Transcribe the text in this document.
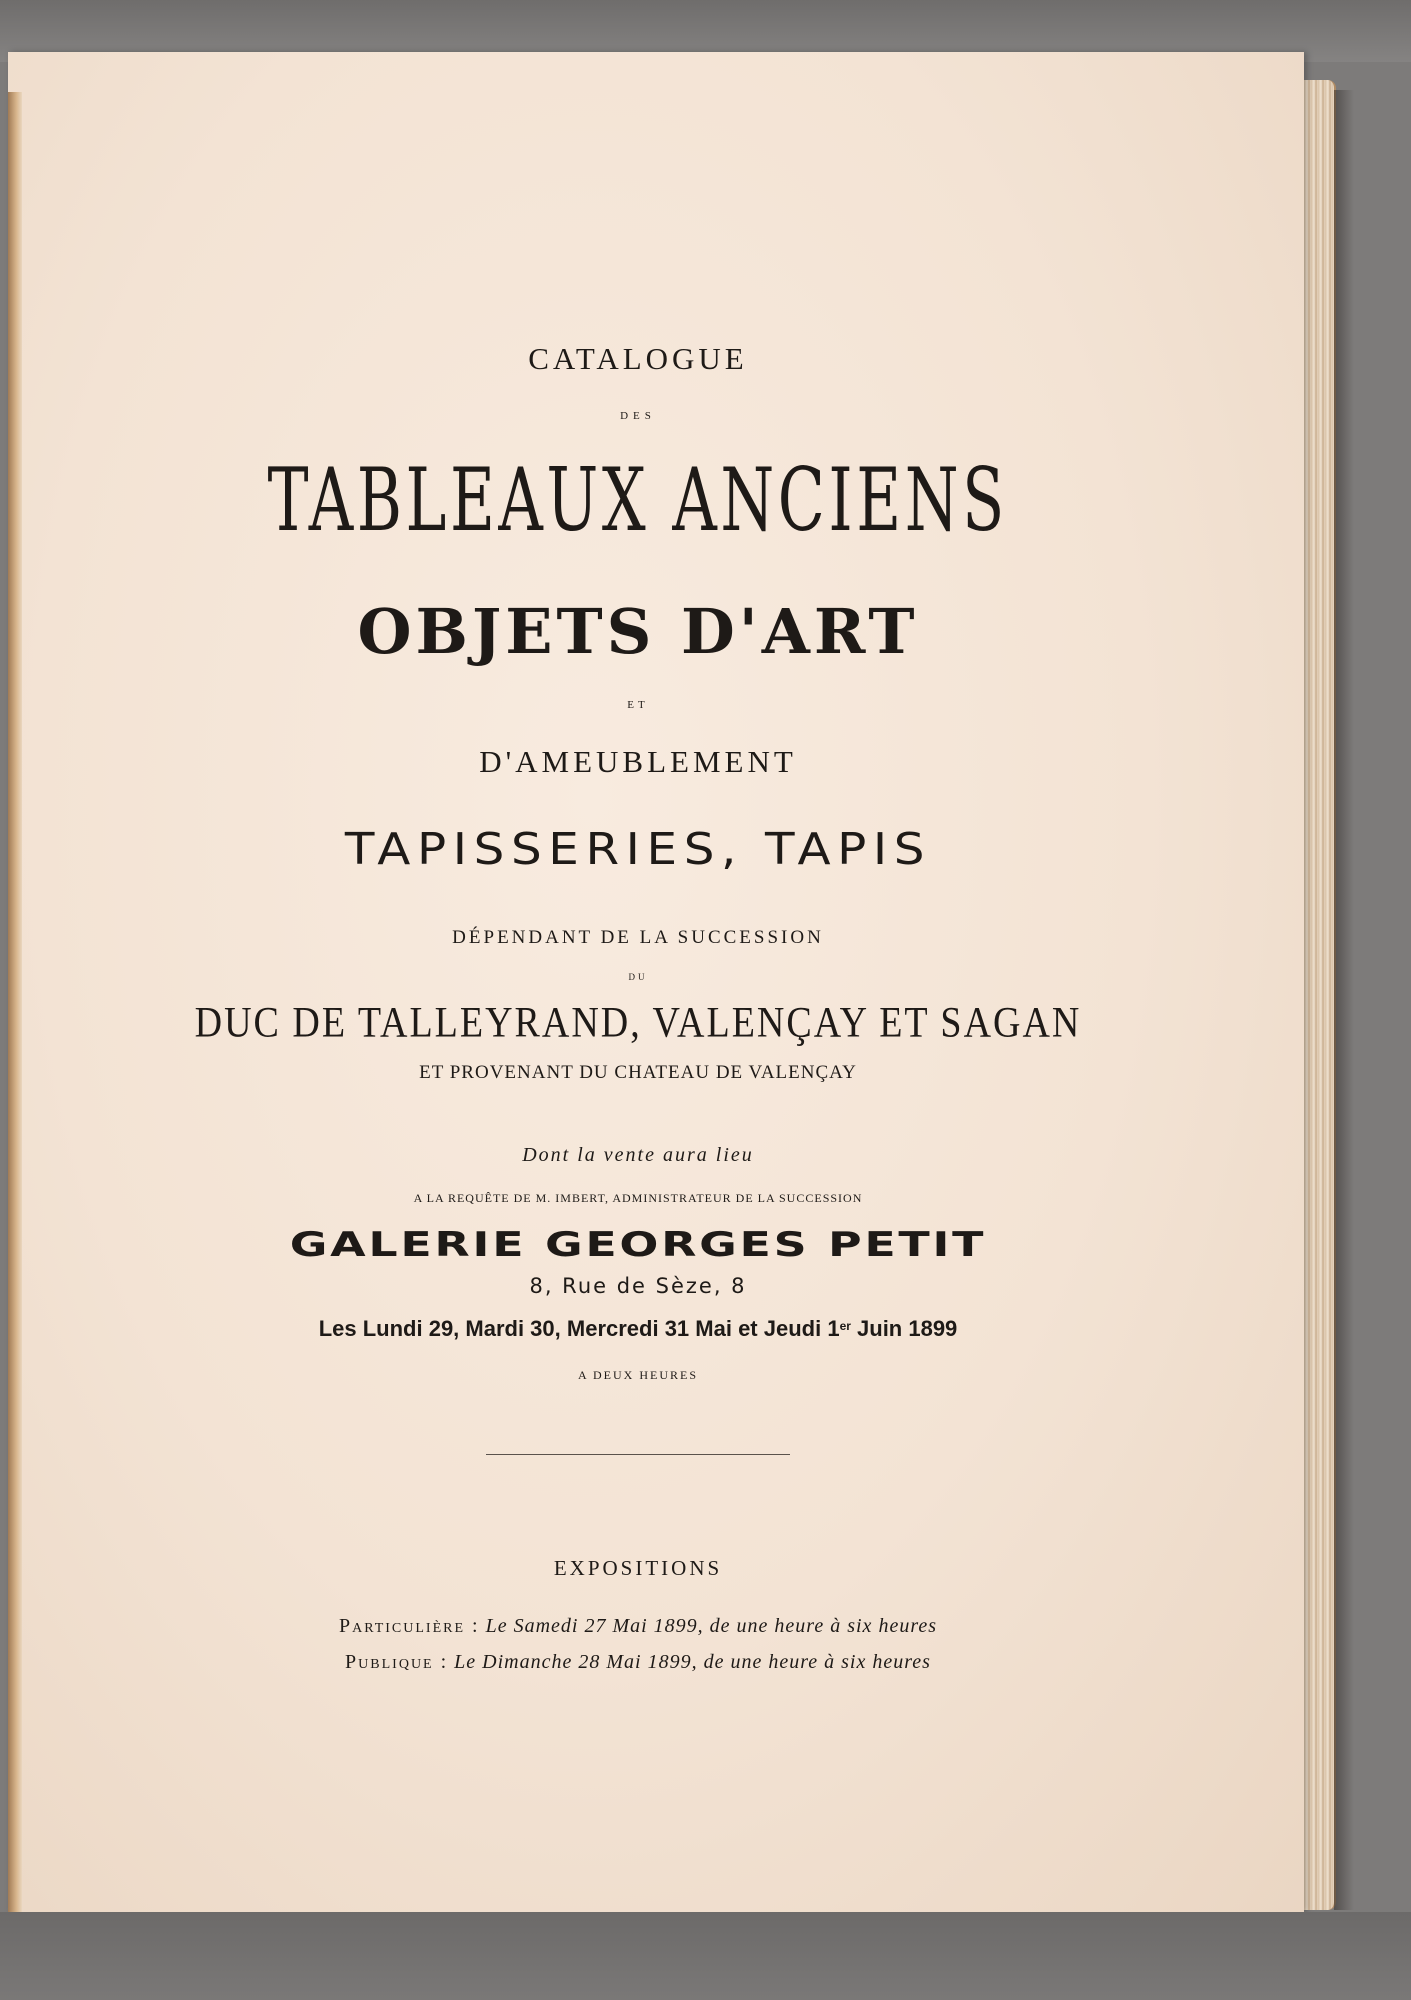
CATALOGUE
DES
TABLEAUX ANCIENS
OBJETS D'ART
ET
D'AMEUBLEMENT
TAPISSERIES, TAPIS
DÉPENDANT DE LA SUCCESSION
DU
DUC DE TALLEYRAND, VALENÇAY ET SAGAN
ET PROVENANT DU CHATEAU DE VALENÇAY
Dont la vente aura lieu
A LA REQUÊTE DE M. IMBERT, ADMINISTRATEUR DE LA SUCCESSION
GALERIE GEORGES PETIT
8, Rue de Sèze, 8
Les Lundi 29, Mardi 30, Mercredi 31 Mai et Jeudi 1er Juin 1899
A DEUX HEURES
EXPOSITIONS
Particulière : Le Samedi 27 Mai 1899, de une heure à six heures
Publique : Le Dimanche 28 Mai 1899, de une heure à six heures
